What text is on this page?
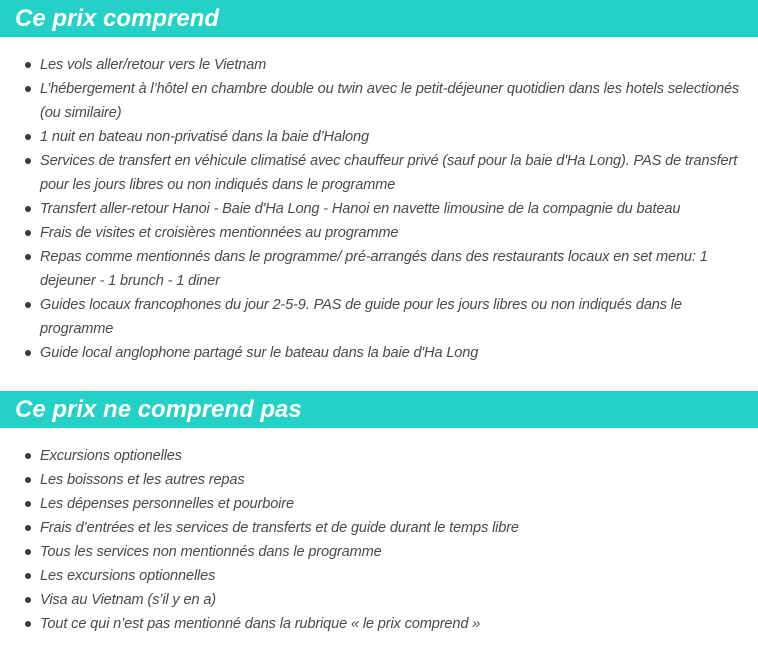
Ce prix comprend
Les vols aller/retour vers le Vietnam
L’hébergement à l’hôtel en chambre double ou twin avec le petit-déjeuner quotidien dans les hotels selectionés (ou similaire)
1 nuit en bateau non-privatisé dans la baie d’Halong
Services de transfert en véhicule climatisé avec chauffeur privé (sauf pour la baie d'Ha Long). PAS de transfert pour les jours libres ou non indiqués dans le programme
Transfert aller-retour Hanoi - Baie d'Ha Long - Hanoi en navette limousine de la compagnie du bateau
Frais de visites et croisières mentionnées au programme
Repas comme mentionnés dans le programme/ pré-arrangés dans des restaurants locaux en set menu: 1 dejeuner - 1 brunch - 1 diner
Guides locaux francophones du jour 2-5-9. PAS de guide pour les jours libres ou non indiqués dans le programme
Guide local anglophone partagé sur le bateau dans la baie d'Ha Long
Ce prix ne comprend pas
Excursions optionelles
Les boissons et les autres repas
Les dépenses personnelles et pourboire
Frais d’entrées et les services de transferts et de guide durant le temps libre
Tous les services non mentionnés dans le programme
Les excursions optionnelles
Visa au Vietnam (s’il y en a)
Tout ce qui n’est pas mentionné dans la rubrique « le prix comprend »
